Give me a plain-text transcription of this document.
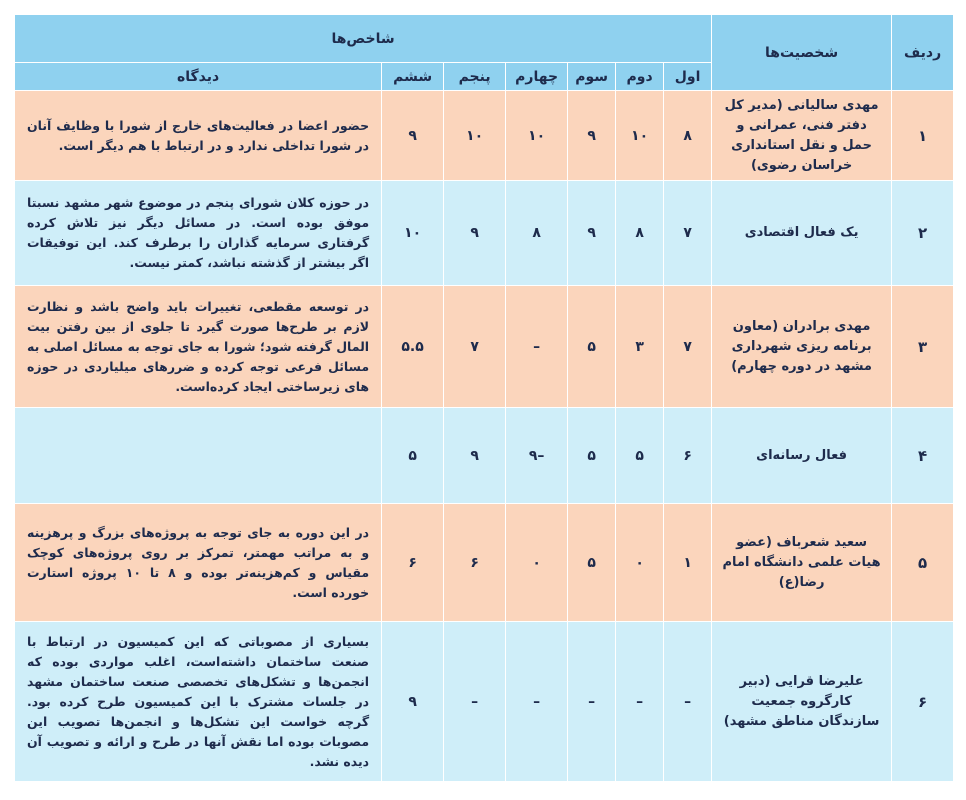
ردیف	شخصیت‌ها	شاخص‌ها						
		اول	دوم	سوم	چهارم	پنجم	ششم	دیدگاه
۱	مهدی سالیانی (مدیر کل دفتر فنی، عمرانی و حمل و نقل استانداری خراسان رضوی)	۸	۱۰	۹	۱۰	۱۰	۹	حضور اعضا در فعالیت‌های خارج از شورا با وظایف آنان در شورا تداخلی ندارد و در ارتباط با هم دیگر است.
۲	یک فعال اقتصادی	۷	۸	۹	۸	۹	۱۰	در حوزه کلان شورای پنجم در موضوع شهر مشهد نسبتا موفق بوده است. در مسائل دیگر نیز تلاش کرده گرفتاری سرمایه گذاران را برطرف کند. این توفیقات اگر بیشتر از گذشته نباشد، کمتر نیست.
۳	مهدی برادران (معاون برنامه ریزی شهرداری مشهد در دوره چهارم)	۷	۳	۵	–	۷	۵.۵	در توسعه مقطعی، تغییرات باید واضح باشد و نظارت لازم بر طرح‌ها صورت گیرد تا جلوی از بین رفتن بیت المال گرفته شود؛ شورا به جای توجه به مسائل اصلی به مسائل فرعی توجه کرده و ضررهای میلیاردی در حوزه های زیرساختی ایجاد کرده‌است.
۴	فعال رسانه‌ای	۶	۵	۵	–۹	۹	۵	
۵	سعید شعرباف (عضو هیات علمی دانشگاه امام رضا(ع)	۱	۰	۵	۰	۶	۶	در این دوره به جای توجه به پروژه‌های بزرگ و پرهزینه و به مراتب مهمتر، تمرکز بر روی پروژه‌های کوچک مقیاس و کم‌هزینه‌تر بوده و ۸ تا ۱۰ پروژه استارت خورده است.
۶	علیرضا قرایی (دبیر کارگروه جمعیت سازندگان مناطق مشهد)	–	–	–	–	–	۹	بسیاری از مصوباتی که این کمیسیون در ارتباط با صنعت ساختمان داشته‌است، اغلب مواردی بوده که انجمن‌ها و تشکل‌های تخصصی صنعت ساختمان مشهد در جلسات مشترک با این کمیسیون طرح کرده بود. گرچه خواست این تشکل‌ها و انجمن‌ها تصویب این مصوبات بوده اما نقش آنها در طرح و ارائه و تصویب آن دیده نشد.
